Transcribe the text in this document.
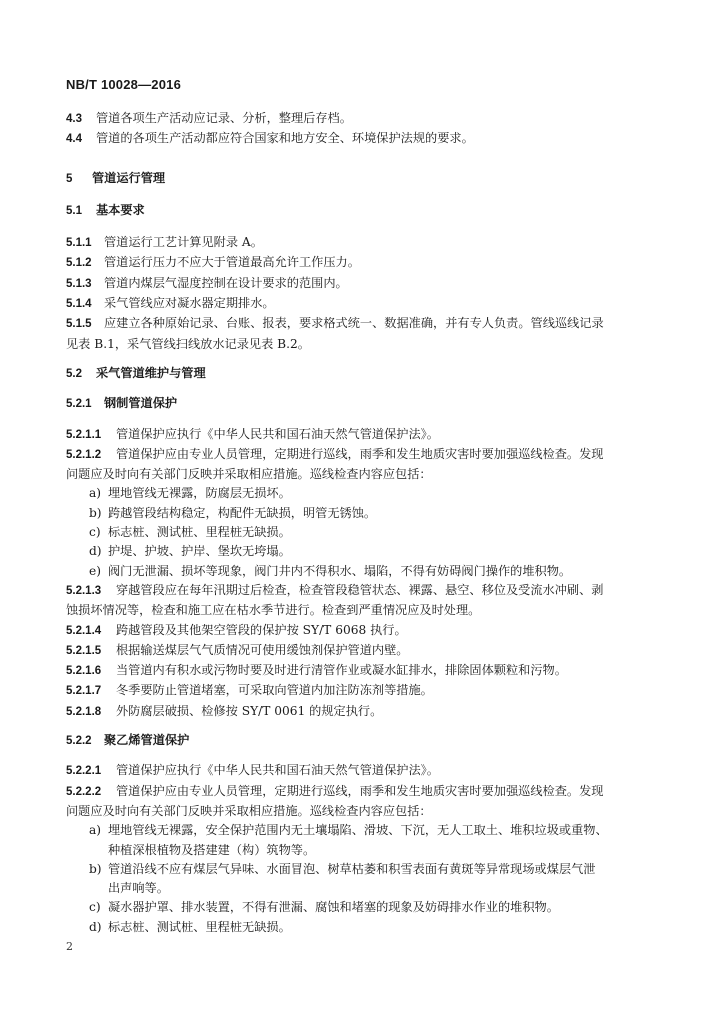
NB/T 10028—2016
4.3 管道各项生产活动应记录、分析，整理后存档。
4.4 管道的各项生产活动都应符合国家和地方安全、环境保护法规的要求。
5 管道运行管理
5.1 基本要求
5.1.1 管道运行工艺计算见附录 A。
5.1.2 管道运行压力不应大于管道最高允许工作压力。
5.1.3 管道内煤层气湿度控制在设计要求的范围内。
5.1.4 采气管线应对凝水器定期排水。
5.1.5 应建立各种原始记录、台账、报表，要求格式统一、数据准确，并有专人负责。管线巡线记录
见表 B.1，采气管线扫线放水记录见表 B.2。
5.2 采气管道维护与管理
5.2.1 钢制管道保护
5.2.1.1 管道保护应执行《中华人民共和国石油天然气管道保护法》。
5.2.1.2 管道保护应由专业人员管理，定期进行巡线，雨季和发生地质灾害时要加强巡线检查。发现
问题应及时向有关部门反映并采取相应措施。巡线检查内容应包括：
a) 埋地管线无裸露，防腐层无损坏。
b) 跨越管段结构稳定，构配件无缺损，明管无锈蚀。
c) 标志桩、测试桩、里程桩无缺损。
d) 护堤、护坡、护岸、堡坎无垮塌。
e) 阀门无泄漏、损坏等现象，阀门井内不得积水、塌陷，不得有妨碍阀门操作的堆积物。
5.2.1.3 穿越管段应在每年汛期过后检查，检查管段稳管状态、裸露、悬空、移位及受流水冲刷、剥
蚀损坏情况等，检查和施工应在枯水季节进行。检查到严重情况应及时处理。
5.2.1.4 跨越管段及其他架空管段的保护按 SY/T 6068 执行。
5.2.1.5 根据输送煤层气气质情况可使用缓蚀剂保护管道内壁。
5.2.1.6 当管道内有积水或污物时要及时进行清管作业或凝水缸排水，排除固体颗粒和污物。
5.2.1.7 冬季要防止管道堵塞，可采取向管道内加注防冻剂等措施。
5.2.1.8 外防腐层破损、检修按 SY/T 0061 的规定执行。
5.2.2 聚乙烯管道保护
5.2.2.1 管道保护应执行《中华人民共和国石油天然气管道保护法》。
5.2.2.2 管道保护应由专业人员管理，定期进行巡线，雨季和发生地质灾害时要加强巡线检查。发现
问题应及时向有关部门反映并采取相应措施。巡线检查内容应包括：
a) 埋地管线无裸露，安全保护范围内无土壤塌陷、滑坡、下沉，无人工取土、堆积垃圾或重物、
种植深根植物及搭建建（构）筑物等。
b) 管道沿线不应有煤层气异味、水面冒泡、树草枯萎和积雪表面有黄斑等异常现场或煤层气泄
出声响等。
c) 凝水器护罩、排水装置，不得有泄漏、腐蚀和堵塞的现象及妨碍排水作业的堆积物。
d) 标志桩、测试桩、里程桩无缺损。
2
